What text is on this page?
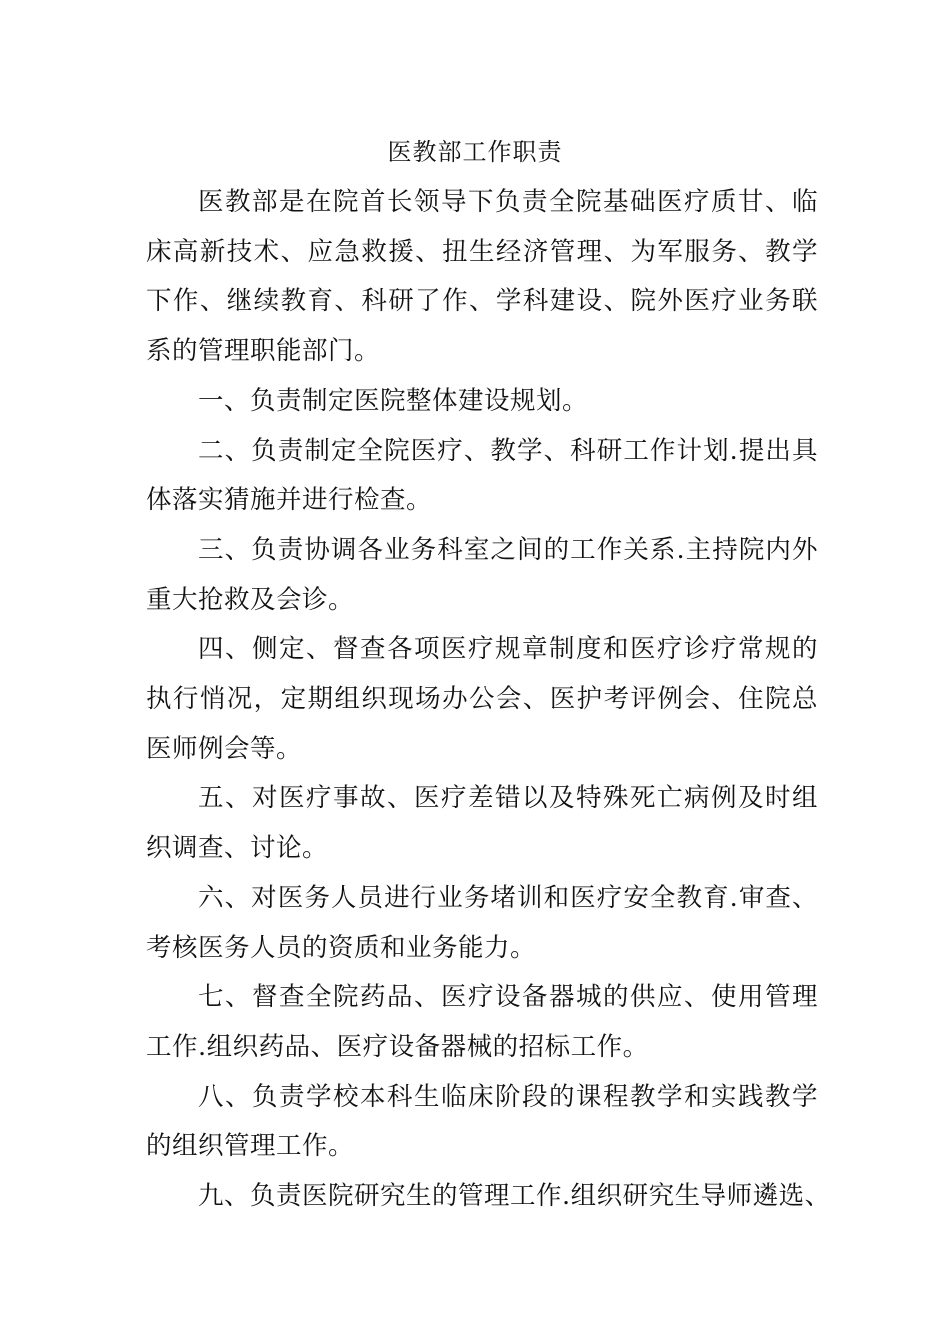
医教部工作职责

医教部是在院首长领导下负责全院基础医疗质甘、临床高新技术、应急救援、扭生经济管理、为军服务、教学下作、继续教育、科研了作、学科建设、院外医疗业务联系的管理职能部门。

一、负责制定医院整体建设规划。

二、负责制定全院医疗、教学、科研工作计划.提出具体落实猜施并进行检查。

三、负责协调各业务科室之间的工作关系.主持院内外重大抢救及会诊。

四、侧定、督查各项医疗规章制度和医疗诊疗常规的执行悄况，定期组织现场办公会、医护考评例会、住院总医师例会等。

五、对医疗事故、医疗差错以及特殊死亡病例及时组织调查、讨论。

六、对医务人员进行业务堵训和医疗安全教育.审查、考核医务人员的资质和业务能力。

七、督查全院药品、医疗设备器城的供应、使用管理工作.组织药品、医疗设备器械的招标工作。

八、负责学校本科生临床阶段的课程教学和实践教学的组织管理工作。

九、负责医院研究生的管理工作.组织研究生导师遴选、
